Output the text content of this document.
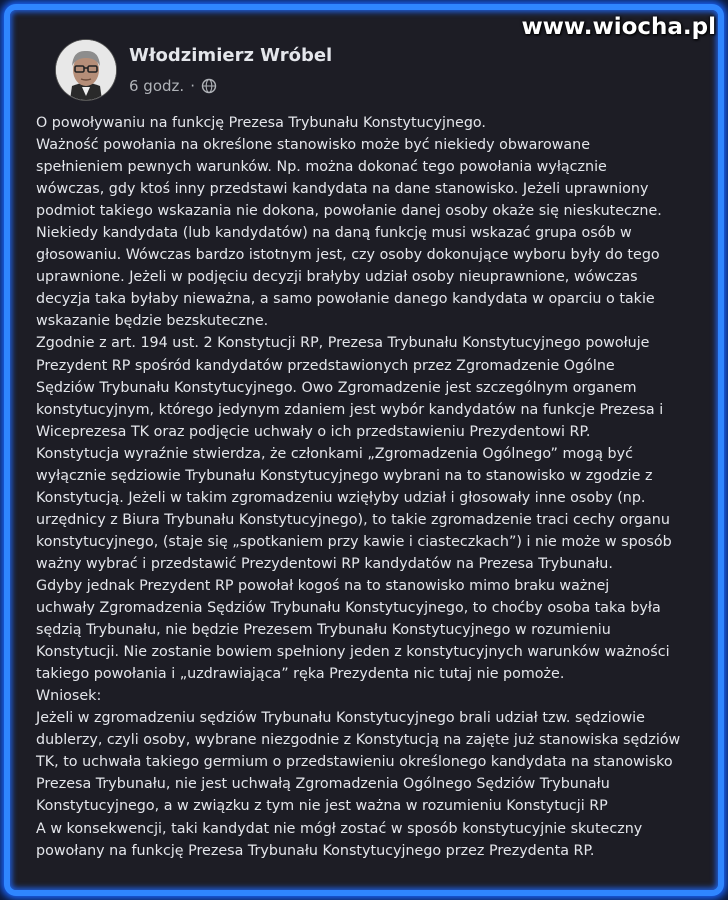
Włodzimierz Wróbel
6 godz. ·

O powoływaniu na funkcję Prezesa Trybunału Konstytucyjnego.

Ważność powołania na określone stanowisko może być niekiedy obwarowane

spełnieniem pewnych warunków. Np. można dokonać tego powołania wyłącznie

wówczas, gdy ktoś inny przedstawi kandydata na dane stanowisko. Jeżeli uprawniony

podmiot takiego wskazania nie dokona, powołanie danej osoby okaże się nieskuteczne.

Niekiedy kandydata (lub kandydatów) na daną funkcję musi wskazać grupa osób w

głosowaniu. Wówczas bardzo istotnym jest, czy osoby dokonujące wyboru były do tego

uprawnione. Jeżeli w podjęciu decyzji brałyby udział osoby nieuprawnione, wówczas

decyzja taka byłaby nieważna, a samo powołanie danego kandydata w oparciu o takie

wskazanie będzie bezskuteczne.

Zgodnie z art. 194 ust. 2 Konstytucji RP, Prezesa Trybunału Konstytucyjnego powołuje

Prezydent RP spośród kandydatów przedstawionych przez Zgromadzenie Ogólne

Sędziów Trybunału Konstytucyjnego. Owo Zgromadzenie jest szczególnym organem

konstytucyjnym, którego jedynym zdaniem jest wybór kandydatów na funkcje Prezesa i

Wiceprezesa TK oraz podjęcie uchwały o ich przedstawieniu Prezydentowi RP.

Konstytucja wyraźnie stwierdza, że członkami „Zgromadzenia Ogólnego” mogą być

wyłącznie sędziowie Trybunału Konstytucyjnego wybrani na to stanowisko w zgodzie z

Konstytucją. Jeżeli w takim zgromadzeniu wzięłyby udział i głosowały inne osoby (np.

urzędnicy z Biura Trybunału Konstytucyjnego), to takie zgromadzenie traci cechy organu

konstytucyjnego, (staje się „spotkaniem przy kawie i ciasteczkach”) i nie może w sposób

ważny wybrać i przedstawić Prezydentowi RP kandydatów na Prezesa Trybunału.

Gdyby jednak Prezydent RP powołał kogoś na to stanowisko mimo braku ważnej

uchwały Zgromadzenia Sędziów Trybunału Konstytucyjnego, to choćby osoba taka była

sędzią Trybunału, nie będzie Prezesem Trybunału Konstytucyjnego w rozumieniu

Konstytucji. Nie zostanie bowiem spełniony jeden z konstytucyjnych warunków ważności

takiego powołania i „uzdrawiająca” ręka Prezydenta nic tutaj nie pomoże.

Wniosek:

Jeżeli w zgromadzeniu sędziów Trybunału Konstytucyjnego brali udział tzw. sędziowie

dublerzy, czyli osoby, wybrane niezgodnie z Konstytucją na zajęte już stanowiska sędziów

TK, to uchwała takiego germium o przedstawieniu określonego kandydata na stanowisko

Prezesa Trybunału, nie jest uchwałą Zgromadzenia Ogólnego Sędziów Trybunału

Konstytucyjnego, a w związku z tym nie jest ważna w rozumieniu Konstytucji RP

A w konsekwencji, taki kandydat nie mógł zostać w sposób konstytucyjnie skuteczny

powołany na funkcję Prezesa Trybunału Konstytucyjnego przez Prezydenta RP.

www.wiocha.pl
